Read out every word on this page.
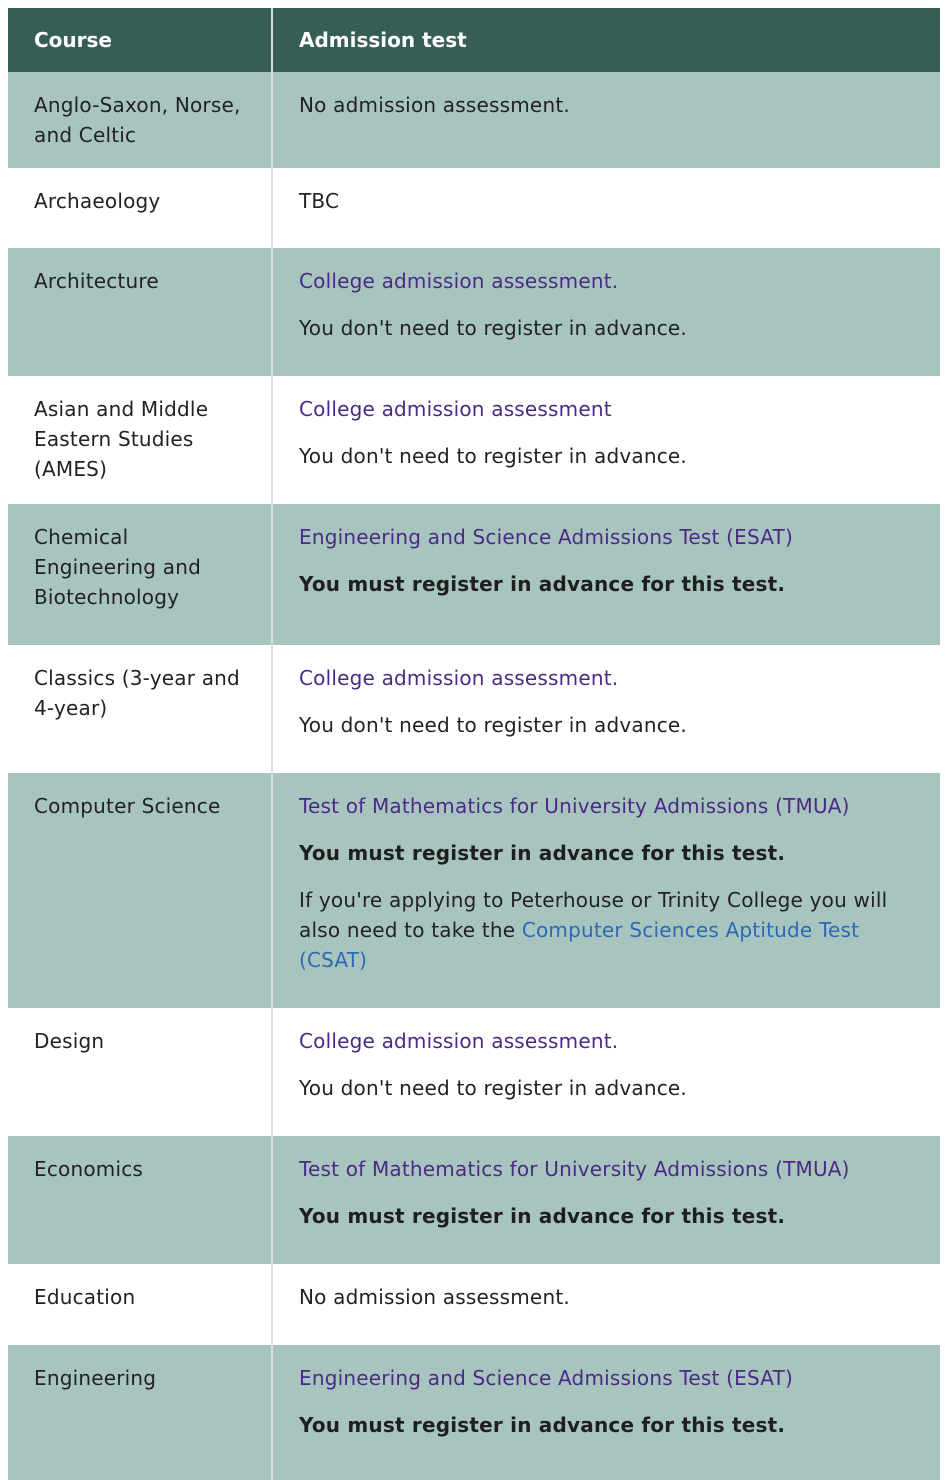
Course	Admission test
Anglo-Saxon, Norse, and Celtic	No admission assessment.

Archaeology	TBC

Architecture	College admission assessment.

You don't need to register in advance.

Asian and Middle Eastern Studies (AMES)	College admission assessment

You don't need to register in advance.

Chemical Engineering and Biotechnology	Engineering and Science Admissions Test (ESAT)

You must register in advance for this test.

Classics (3-year and 4-year)	College admission assessment.

You don't need to register in advance.

Computer Science	Test of Mathematics for University Admissions (TMUA)

You must register in advance for this test.

If you're applying to Peterhouse or Trinity College you will also need to take the Computer Sciences Aptitude Test (CSAT)

Design	College admission assessment.

You don't need to register in advance.

Economics	Test of Mathematics for University Admissions (TMUA)

You must register in advance for this test.

Education	No admission assessment.

Engineering	Engineering and Science Admissions Test (ESAT)

You must register in advance for this test.
